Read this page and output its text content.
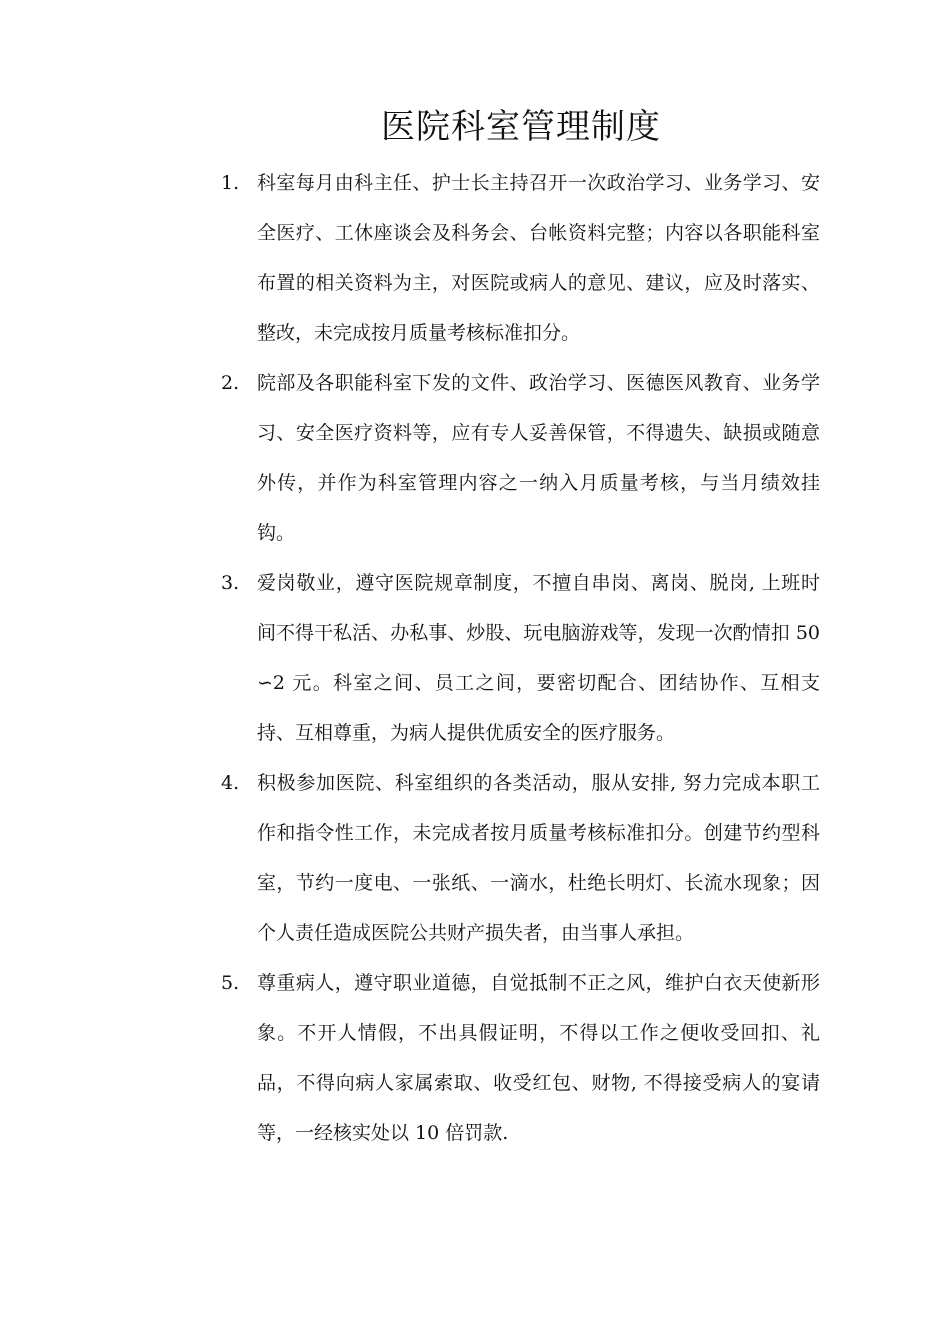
医院科室管理制度
1. 科室每月由科主任、护士长主持召开一次政治学习、业务学习、安全医疗、工休座谈会及科务会、台帐资料完整；内容以各职能科室布置的相关资料为主，对医院或病人的意见、建议，应及时落实、整改，未完成按月质量考核标准扣分。
2. 院部及各职能科室下发的文件、政治学习、医德医风教育、业务学习、安全医疗资料等，应有专人妥善保管，不得遗失、缺损或随意外传，并作为科室管理内容之一纳入月质量考核，与当月绩效挂钩。
3. 爱岗敬业，遵守医院规章制度，不擅自串岗、离岗、脱岗, 上班时间不得干私活、办私事、炒股、玩电脑游戏等，发现一次酌情扣 50∽2 元。科室之间、员工之间，要密切配合、团结协作、互相支持、互相尊重，为病人提供优质安全的医疗服务。
4. 积极参加医院、科室组织的各类活动，服从安排, 努力完成本职工作和指令性工作，未完成者按月质量考核标准扣分。创建节约型科室，节约一度电、一张纸、一滴水，杜绝长明灯、长流水现象；因个人责任造成医院公共财产损失者，由当事人承担。
5. 尊重病人，遵守职业道德，自觉抵制不正之风，维护白衣天使新形象。不开人情假，不出具假证明，不得以工作之便收受回扣、礼品，不得向病人家属索取、收受红包、财物, 不得接受病人的宴请等，一经核实处以 10 倍罚款.
